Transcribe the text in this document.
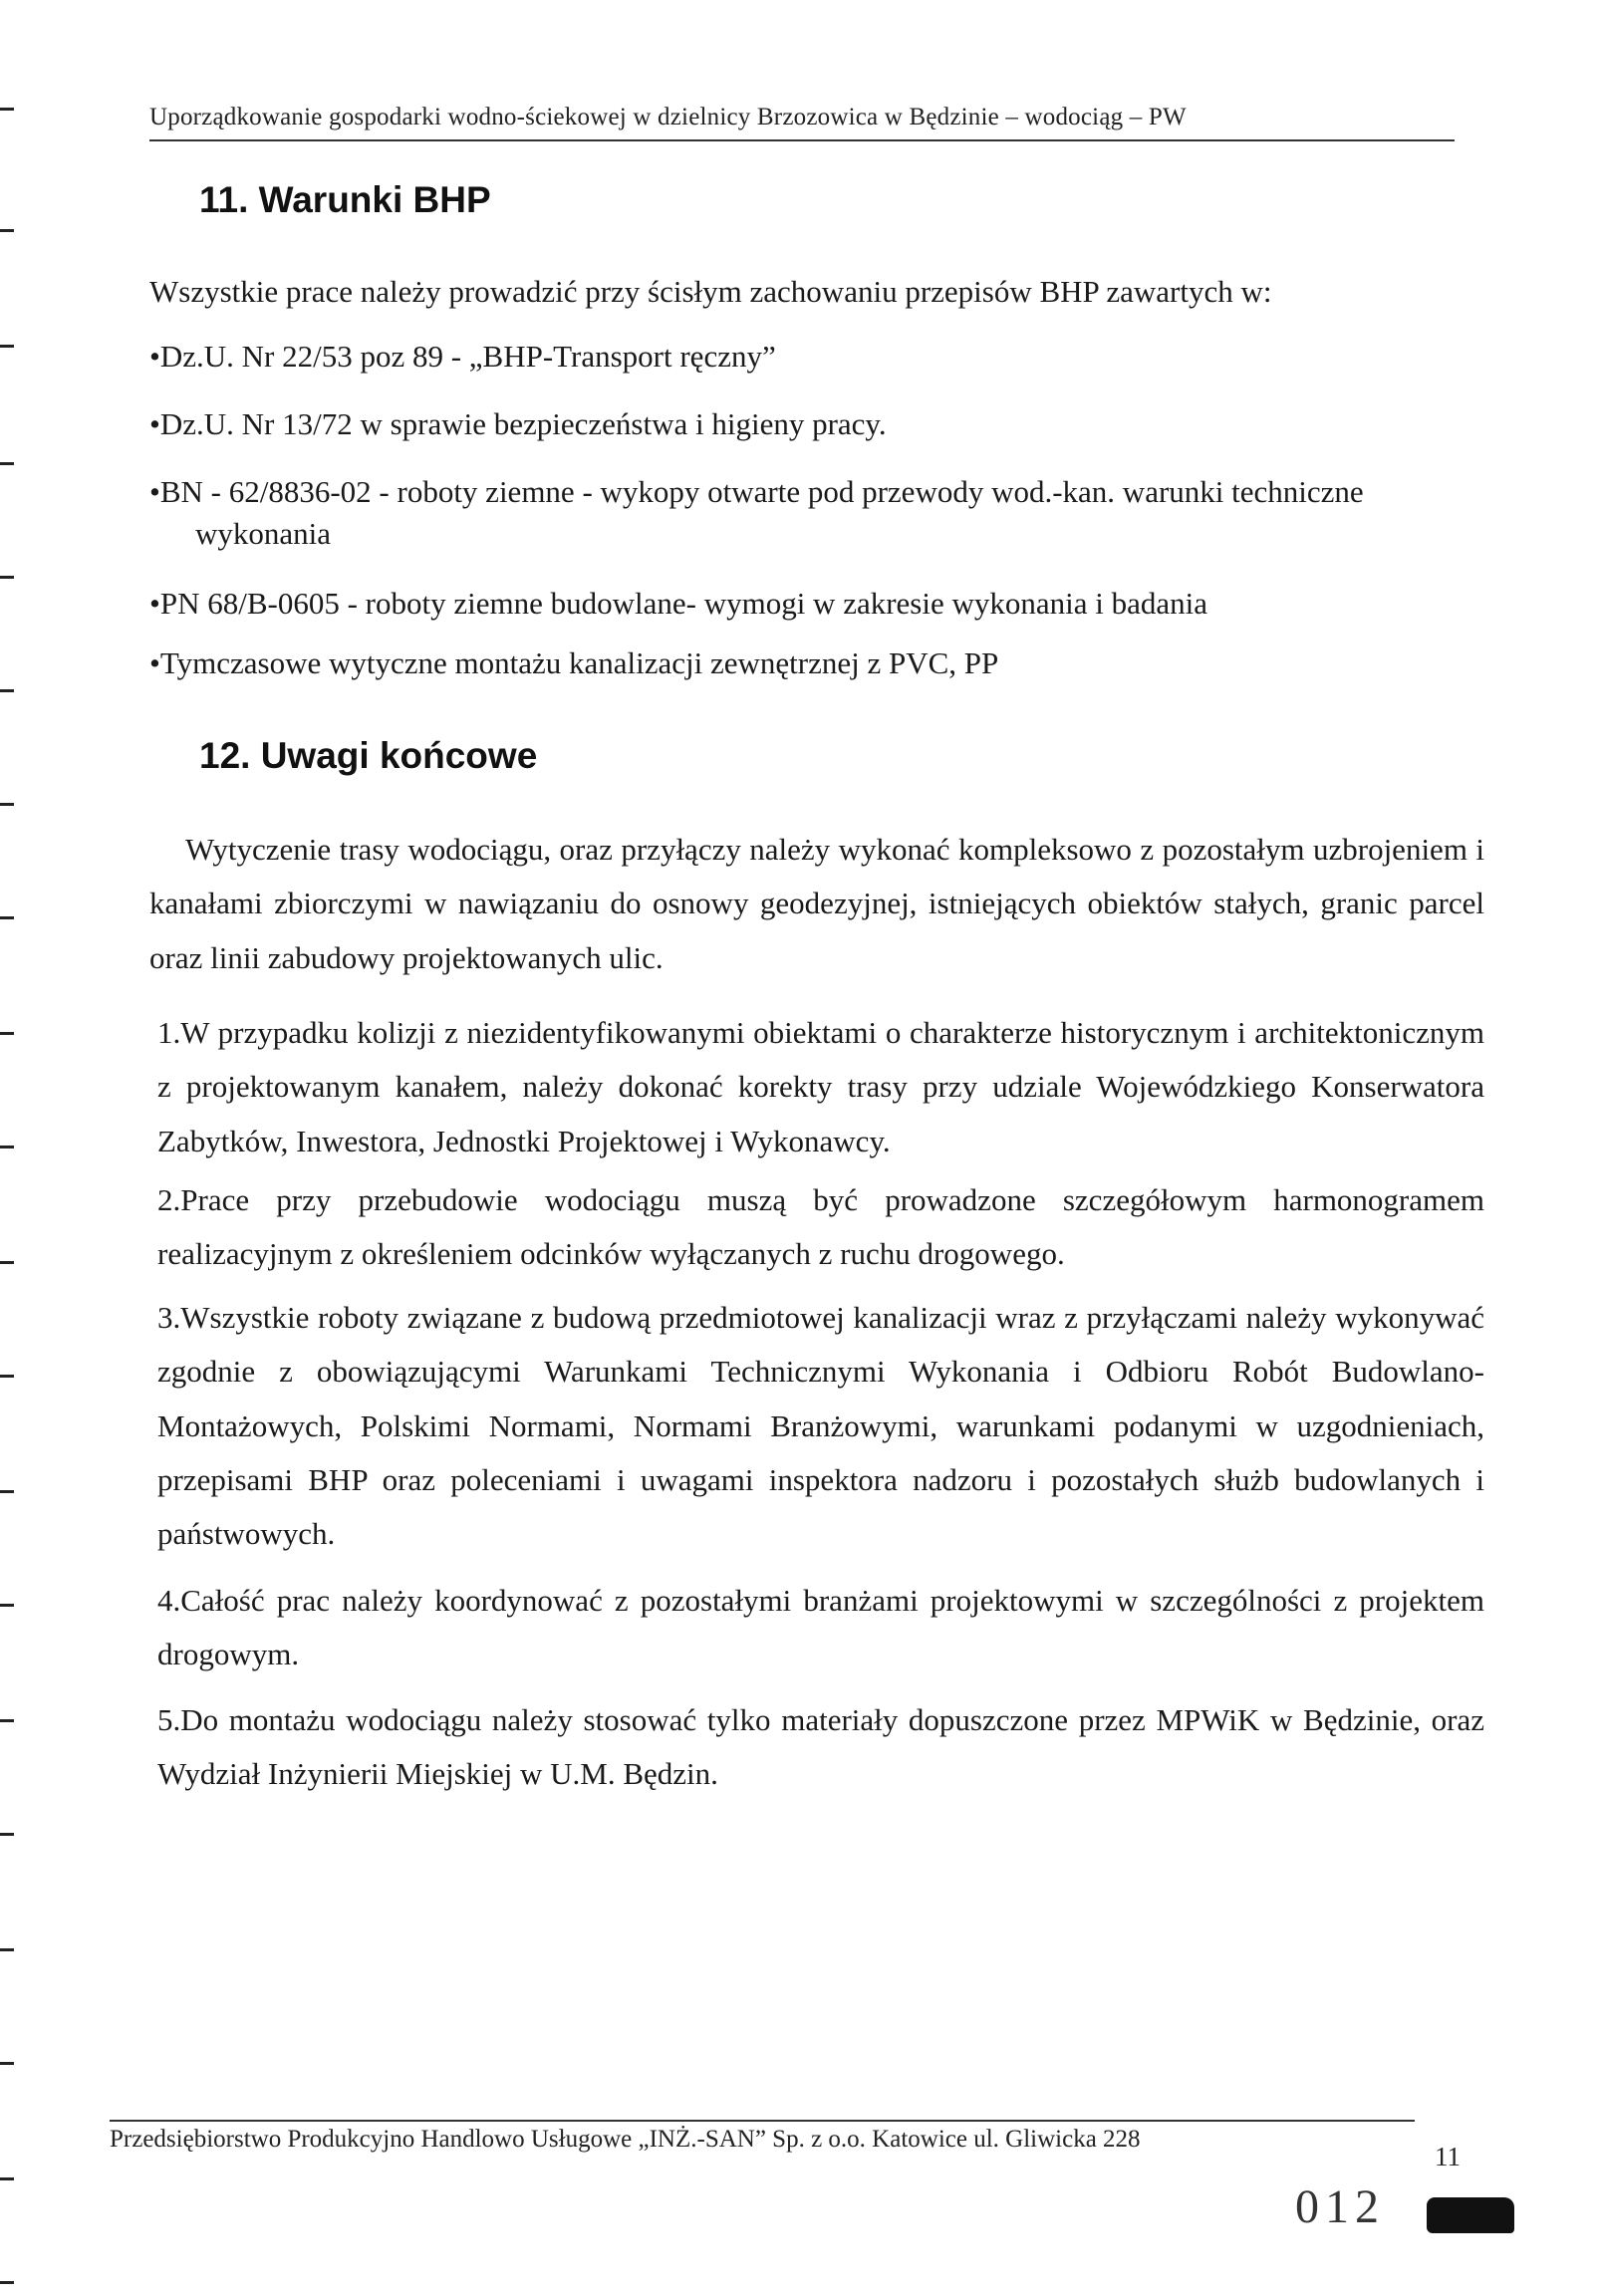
Uporządkowanie gospodarki wodno-ściekowej w dzielnicy Brzozowica w Będzinie – wodociąg – PW
11. Warunki BHP
Wszystkie prace należy prowadzić przy ścisłym zachowaniu przepisów BHP zawartych w:
•Dz.U. Nr 22/53 poz 89 - „BHP-Transport ręczny”
•Dz.U. Nr 13/72 w sprawie bezpieczeństwa i higieny pracy.
•BN - 62/8836-02 - roboty ziemne - wykopy otwarte pod przewody wod.-kan. warunki techniczne
wykonania
•PN 68/B-0605 - roboty ziemne budowlane- wymogi w zakresie wykonania i badania
•Tymczasowe wytyczne montażu kanalizacji zewnętrznej z PVC, PP
12. Uwagi końcowe
Wytyczenie trasy wodociągu, oraz przyłączy należy wykonać kompleksowo z pozostałym uzbrojeniem i kanałami zbiorczymi w nawiązaniu do osnowy geodezyjnej, istniejących obiektów stałych, granic parcel oraz linii zabudowy projektowanych ulic.
1.W przypadku kolizji z niezidentyfikowanymi obiektami o charakterze historycznym i architektonicznym z projektowanym kanałem, należy dokonać korekty trasy przy udziale Wojewódzkiego Konserwatora Zabytków, Inwestora, Jednostki Projektowej i Wykonawcy.
2.Prace przy przebudowie wodociągu muszą być prowadzone szczegółowym harmonogramem realizacyjnym z określeniem odcinków wyłączanych z ruchu drogowego.
3.Wszystkie roboty związane z budową przedmiotowej kanalizacji wraz z przyłączami należy wykonywać zgodnie z obowiązującymi Warunkami Technicznymi Wykonania i Odbioru Robót Budowlano-Montażowych, Polskimi Normami, Normami Branżowymi, warunkami podanymi w uzgodnieniach, przepisami BHP oraz poleceniami i uwagami inspektora nadzoru i pozostałych służb budowlanych i państwowych.
4.Całość prac należy koordynować z pozostałymi branżami projektowymi w szczególności z projektem drogowym.
5.Do montażu wodociągu należy stosować tylko materiały dopuszczone przez MPWiK w Będzinie, oraz Wydział Inżynierii Miejskiej w U.M. Będzin.
Przedsiębiorstwo Produkcyjno Handlowo Usługowe „INŻ.-SAN” Sp. z o.o. Katowice ul. Gliwicka 228
11
012
